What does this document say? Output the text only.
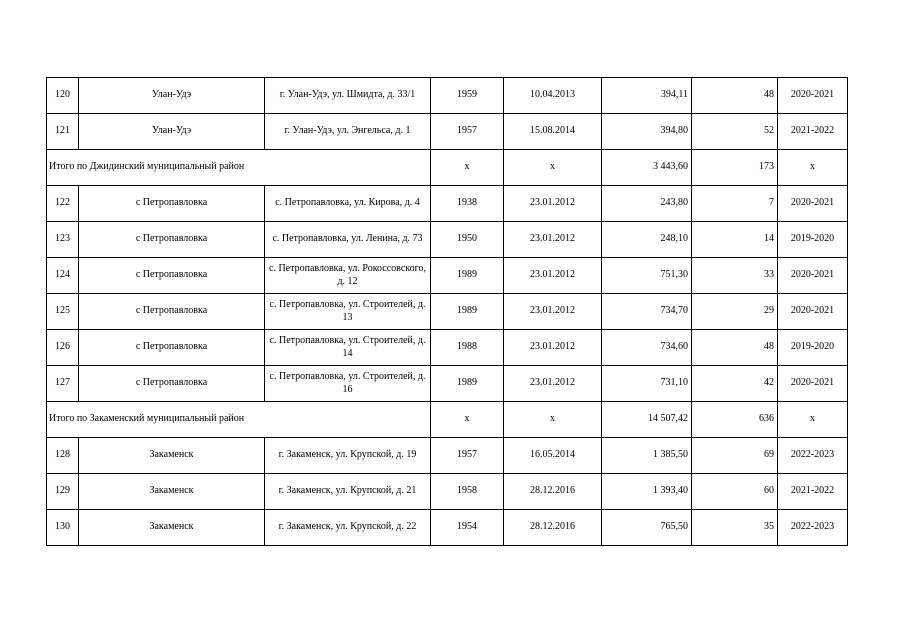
120	Улан-Удэ	г. Улан-Удэ, ул. Шмидта, д. 33/1	1959	10.04.2013	394,11	48	2020-2021
121	Улан-Удэ	г. Улан-Удэ, ул. Энгельса, д. 1	1957	15.08.2014	394,80	52	2021-2022
Итого по Джидинский муниципальный район			x	x	3 443,60	173	x
122	с Петропавловка	с. Петропавловка, ул. Кирова, д. 4	1938	23.01.2012	243,80	7	2020-2021
123	с Петропавловка	с. Петропавловка, ул. Ленина, д. 73	1950	23.01.2012	248,10	14	2019-2020
124	с Петропавловка	с. Петропавловка, ул. Рокоссовского, д. 12	1989	23.01.2012	751,30	33	2020-2021
125	с Петропавловка	с. Петропавловка, ул. Строителей, д. 13	1989	23.01.2012	734,70	29	2020-2021
126	с Петропавловка	с. Петропавловка, ул. Строителей, д. 14	1988	23.01.2012	734,60	48	2019-2020
127	с Петропавловка	с. Петропавловка, ул. Строителей, д. 16	1989	23.01.2012	731,10	42	2020-2021
Итого по Закаменский муниципальный район			x	x	14 507,42	636	x
128	Закаменск	г. Закаменск, ул. Крупской, д. 19	1957	16.05.2014	1 385,50	69	2022-2023
129	Закаменск	г. Закаменск, ул. Крупской, д. 21	1958	28.12.2016	1 393,40	60	2021-2022
130	Закаменск	г. Закаменск, ул. Крупской, д. 22	1954	28.12.2016	765,50	35	2022-2023
